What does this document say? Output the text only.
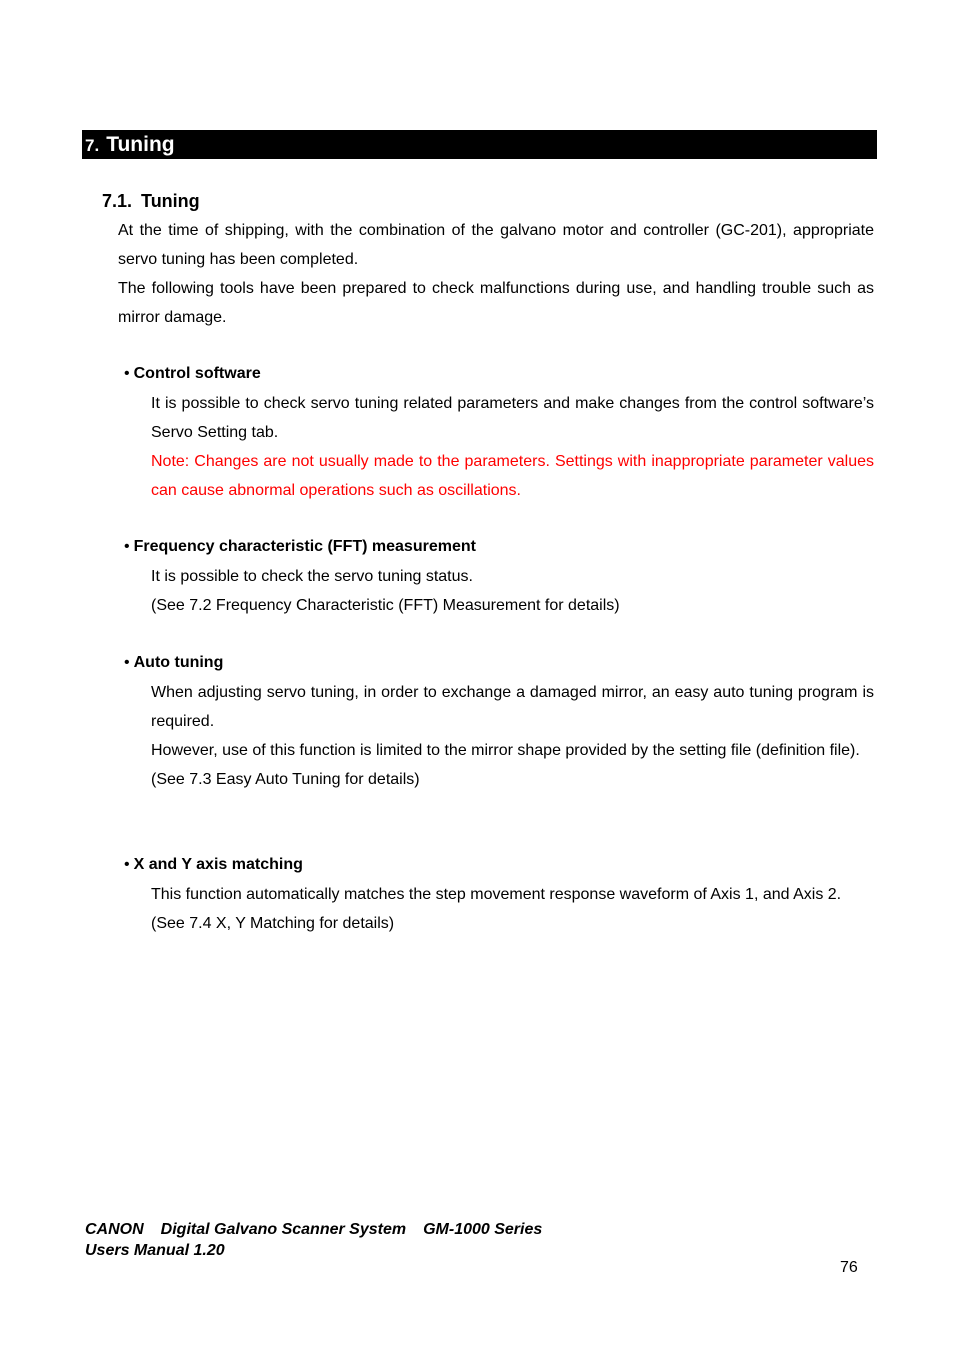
7. Tuning
7.1. Tuning
At the time of shipping, with the combination of the galvano motor and controller (GC-201), appropriate servo tuning has been completed.
The following tools have been prepared to check malfunctions during use, and handling trouble such as mirror damage.
• Control software
It is possible to check servo tuning related parameters and make changes from the control software’s Servo Setting tab.
Note: Changes are not usually made to the parameters. Settings with inappropriate parameter values can cause abnormal operations such as oscillations.
• Frequency characteristic (FFT) measurement
It is possible to check the servo tuning status.
(See 7.2 Frequency Characteristic (FFT) Measurement for details)
• Auto tuning
When adjusting servo tuning, in order to exchange a damaged mirror, an easy auto tuning program is required.
However, use of this function is limited to the mirror shape provided by the setting file (definition file).
(See 7.3 Easy Auto Tuning for details)
• X and Y axis matching
This function automatically matches the step movement response waveform of Axis 1, and Axis 2.
(See 7.4 X, Y Matching for details)
CANON Digital Galvano Scanner System GM-1000 Series
Users Manual 1.20
76
